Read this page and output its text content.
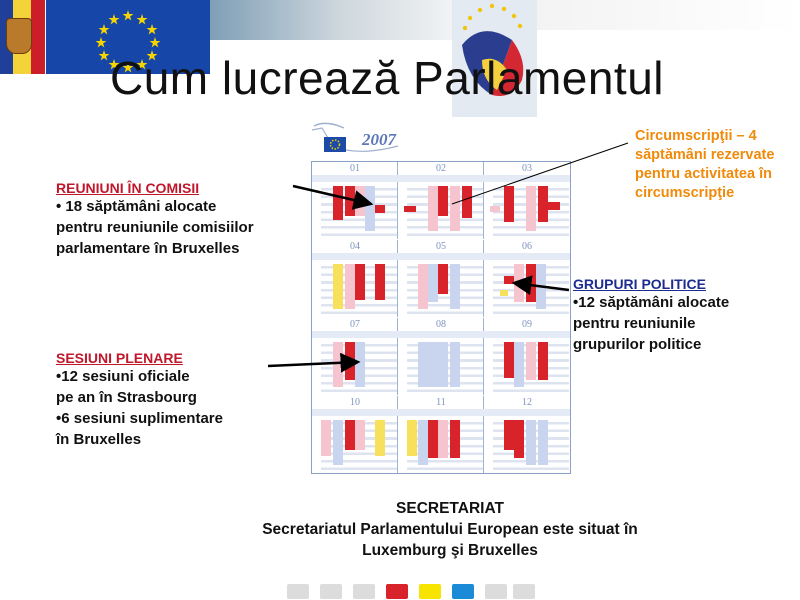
Cum lucrează Parlamentul
2007
01	02	03
04	05	06
07	08	09
10	11	12
REUNIUNI ÎN COMISII
• 18 săptămâni alocate
pentru reuniunile comisiilor
parlamentare în Bruxelles
SESIUNI PLENARE
•12 sesiuni oficiale
pe an în Strasbourg
•6 sesiuni suplimentare
în Bruxelles
GRUPURI POLITICE
•12 săptămâni alocate
pentru reuniunile
grupurilor politice
Circumscripţii – 4
săptămâni rezervate
pentru activitatea în
circumscripţie
SECRETARIAT
Secretariatul Parlamentului European este situat în
Luxemburg şi Bruxelles
